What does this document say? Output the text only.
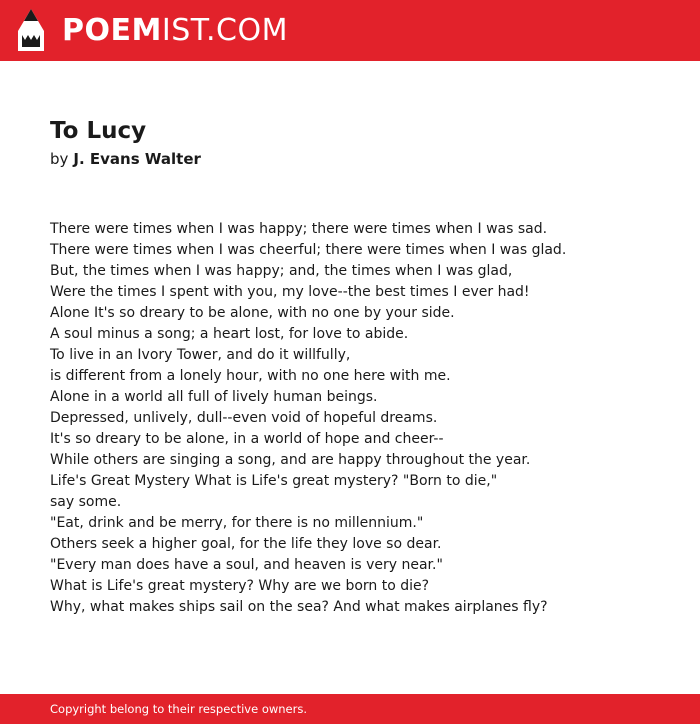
POEMIST.COM
To Lucy
by J. Evans Walter
There were times when I was happy; there were times when I was sad.
There were times when I was cheerful; there were times when I was glad.
But, the times when I was happy; and, the times when I was glad,
Were the times I spent with you, my love--the best times I ever had!
Alone It's so dreary to be alone, with no one by your side.
A soul minus a song; a heart lost, for love to abide.
To live in an Ivory Tower, and do it willfully,
is different from a lonely hour, with no one here with me.
Alone in a world all full of lively human beings.
Depressed, unlively, dull--even void of hopeful dreams.
It's so dreary to be alone, in a world of hope and cheer--
While others are singing a song, and are happy throughout the year.
Life's Great Mystery What is Life's great mystery? "Born to die," say some.
"Eat, drink and be merry, for there is no millennium."
Others seek a higher goal, for the life they love so dear.
"Every man does have a soul, and heaven is very near."
What is Life's great mystery? Why are we born to die?
Why, what makes ships sail on the sea? And what makes airplanes fly?
Copyright belong to their respective owners.
